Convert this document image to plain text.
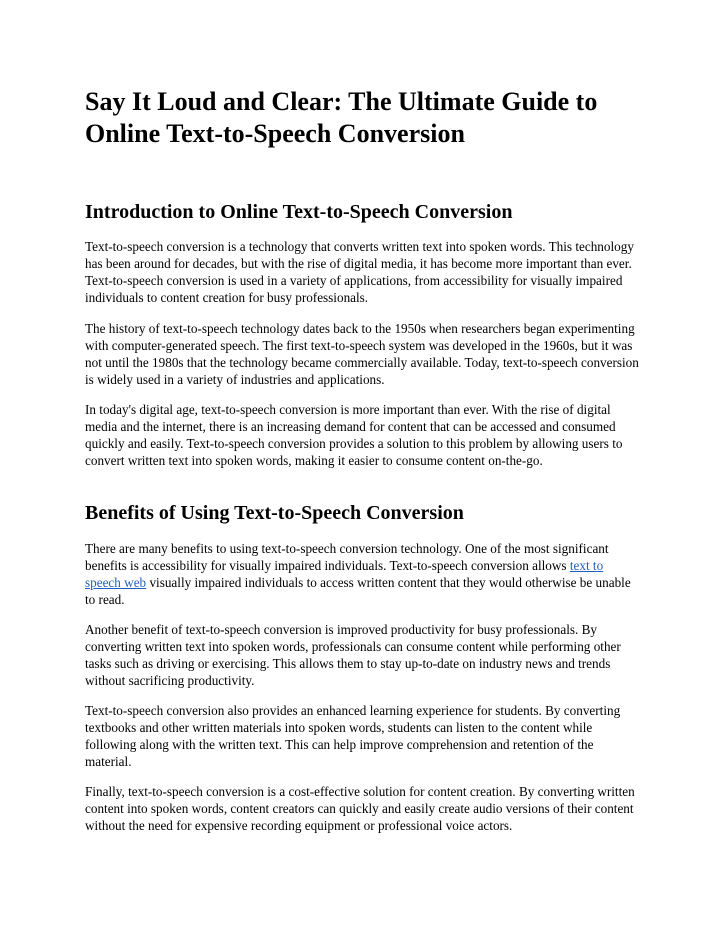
Say It Loud and Clear: The Ultimate Guide to Online Text-to-Speech Conversion
Introduction to Online Text-to-Speech Conversion

Text-to-speech conversion is a technology that converts written text into spoken words. This technology has been around for decades, but with the rise of digital media, it has become more important than ever. Text-to-speech conversion is used in a variety of applications, from accessibility for visually impaired individuals to content creation for busy professionals.

The history of text-to-speech technology dates back to the 1950s when researchers began experimenting with computer-generated speech. The first text-to-speech system was developed in the 1960s, but it was not until the 1980s that the technology became commercially available. Today, text-to-speech conversion is widely used in a variety of industries and applications.

In today's digital age, text-to-speech conversion is more important than ever. With the rise of digital media and the internet, there is an increasing demand for content that can be accessed and consumed quickly and easily. Text-to-speech conversion provides a solution to this problem by allowing users to convert written text into spoken words, making it easier to consume content on-the-go.

Benefits of Using Text-to-Speech Conversion

There are many benefits to using text-to-speech conversion technology. One of the most significant benefits is accessibility for visually impaired individuals. Text-to-speech conversion allows text to speech web visually impaired individuals to access written content that they would otherwise be unable to read.

Another benefit of text-to-speech conversion is improved productivity for busy professionals. By converting written text into spoken words, professionals can consume content while performing other tasks such as driving or exercising. This allows them to stay up-to-date on industry news and trends without sacrificing productivity.

Text-to-speech conversion also provides an enhanced learning experience for students. By converting textbooks and other written materials into spoken words, students can listen to the content while following along with the written text. This can help improve comprehension and retention of the material.

Finally, text-to-speech conversion is a cost-effective solution for content creation. By converting written content into spoken words, content creators can quickly and easily create audio versions of their content without the need for expensive recording equipment or professional voice actors.
